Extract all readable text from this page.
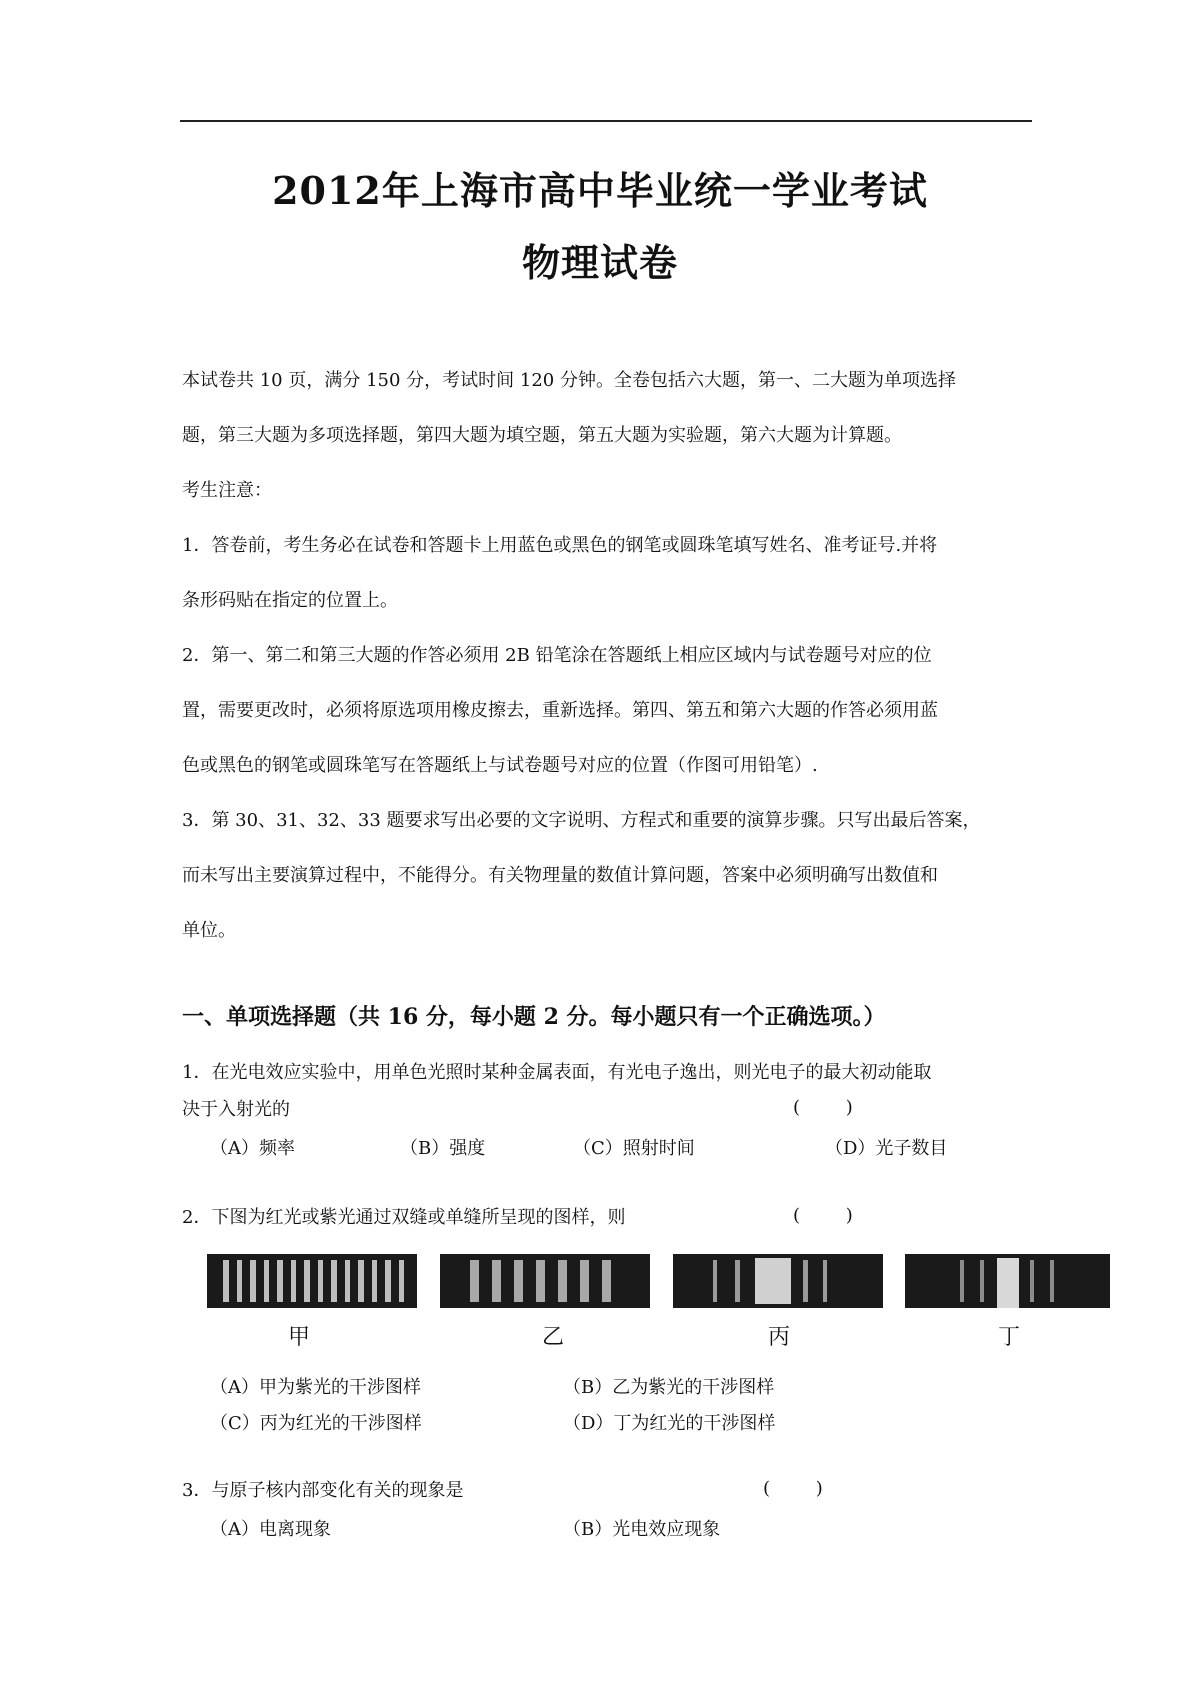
2012年上海市高中毕业统一学业考试
物理试卷
本试卷共 10 页，满分 150 分，考试时间 120 分钟。全卷包括六大题，第一、二大题为单项选择
题，第三大题为多项选择题，第四大题为填空题，第五大题为实验题，第六大题为计算题。
考生注意：
1．答卷前，考生务必在试卷和答题卡上用蓝色或黑色的钢笔或圆珠笔填写姓名、准考证号.并将
条形码贴在指定的位置上。
2．第一、第二和第三大题的作答必须用 2B 铅笔涂在答题纸上相应区域内与试卷题号对应的位
置，需要更改时，必须将原选项用橡皮擦去，重新选择。第四、第五和第六大题的作答必须用蓝
色或黑色的钢笔或圆珠笔写在答题纸上与试卷题号对应的位置（作图可用铅笔）.
3．第 30、31、32、33 题要求写出必要的文字说明、方程式和重要的演算步骤。只写出最后答案，
而未写出主要演算过程中，不能得分。有关物理量的数值计算问题，答案中必须明确写出数值和
单位。
一、单项选择题（共 16 分，每小题 2 分。每小题只有一个正确选项。）
1．在光电效应实验中，用单色光照时某种金属表面，有光电子逸出，则光电子的最大初动能取
决于入射光的	(        )
（A）频率	（B）强度	（C）照射时间	（D）光子数目
2．下图为红光或紫光通过双缝或单缝所呈现的图样，则	(        )
甲	乙	丙	丁
（A）甲为紫光的干涉图样	（B）乙为紫光的干涉图样
（C）丙为红光的干涉图样	（D）丁为红光的干涉图样
3．与原子核内部变化有关的现象是	(        )
（A）电离现象	（B）光电效应现象
